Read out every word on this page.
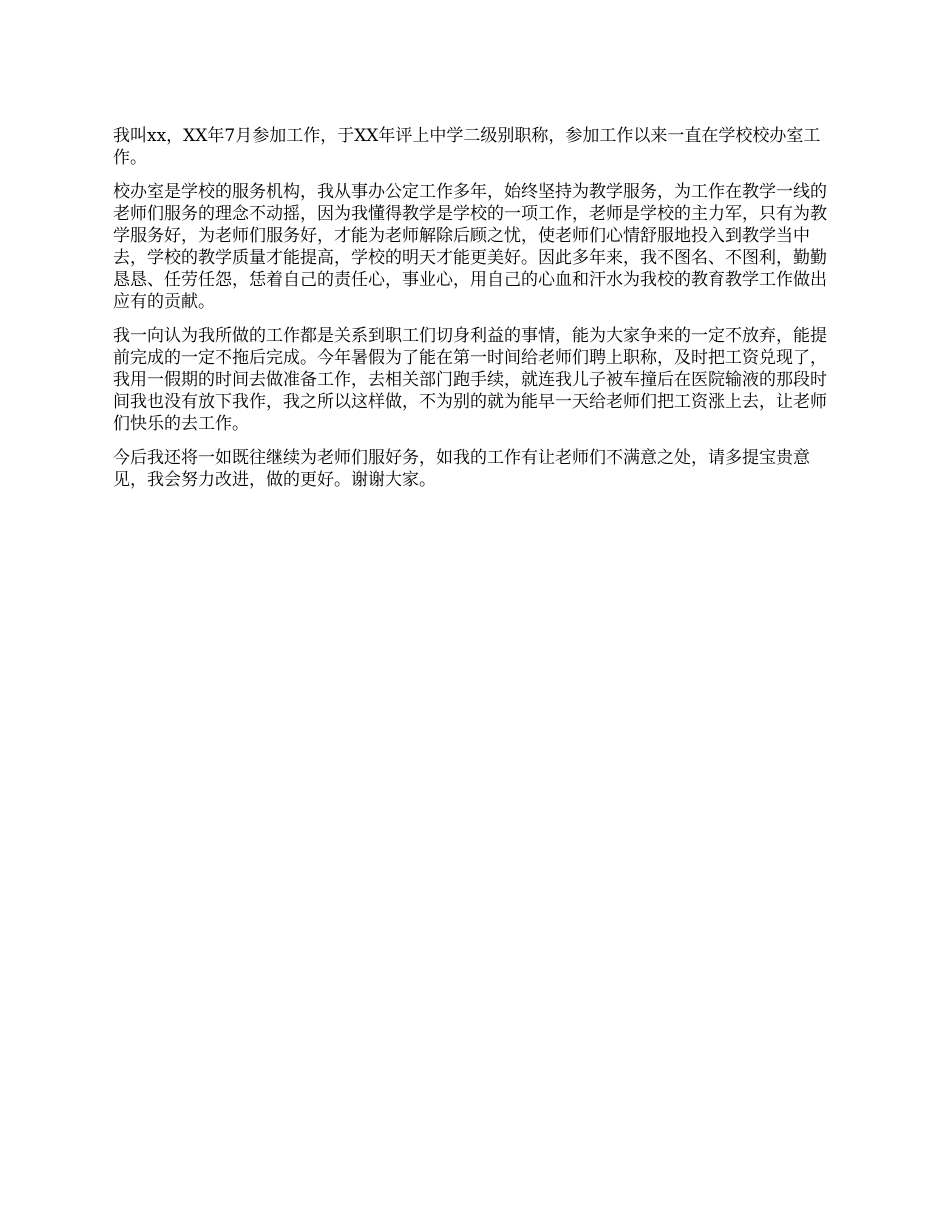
我叫xx，XX年7月参加工作，于XX年评上中学二级别职称，参加工作以来一直在学校校办室工作。

校办室是学校的服务机构，我从事办公定工作多年，始终坚持为教学服务，为工作在教学一线的老师们服务的理念不动摇，因为我懂得教学是学校的一项工作，老师是学校的主力军，只有为教学服务好，为老师们服务好，才能为老师解除后顾之忧，使老师们心情舒服地投入到教学当中去，学校的教学质量才能提高，学校的明天才能更美好。因此多年来，我不图名、不图利，勤勤恳恳、任劳任怨，恁着自己的责任心，事业心，用自己的心血和汗水为我校的教育教学工作做出应有的贡献。

我一向认为我所做的工作都是关系到职工们切身利益的事情，能为大家争来的一定不放弃，能提前完成的一定不拖后完成。今年暑假为了能在第一时间给老师们聘上职称，及时把工资兑现了，我用一假期的时间去做准备工作，去相关部门跑手续，就连我儿子被车撞后在医院输液的那段时间我也没有放下我作，我之所以这样做，不为别的就为能早一天给老师们把工资涨上去，让老师们快乐的去工作。

今后我还将一如既往继续为老师们服好务，如我的工作有让老师们不满意之处，请多提宝贵意见，我会努力改进，做的更好。谢谢大家。
